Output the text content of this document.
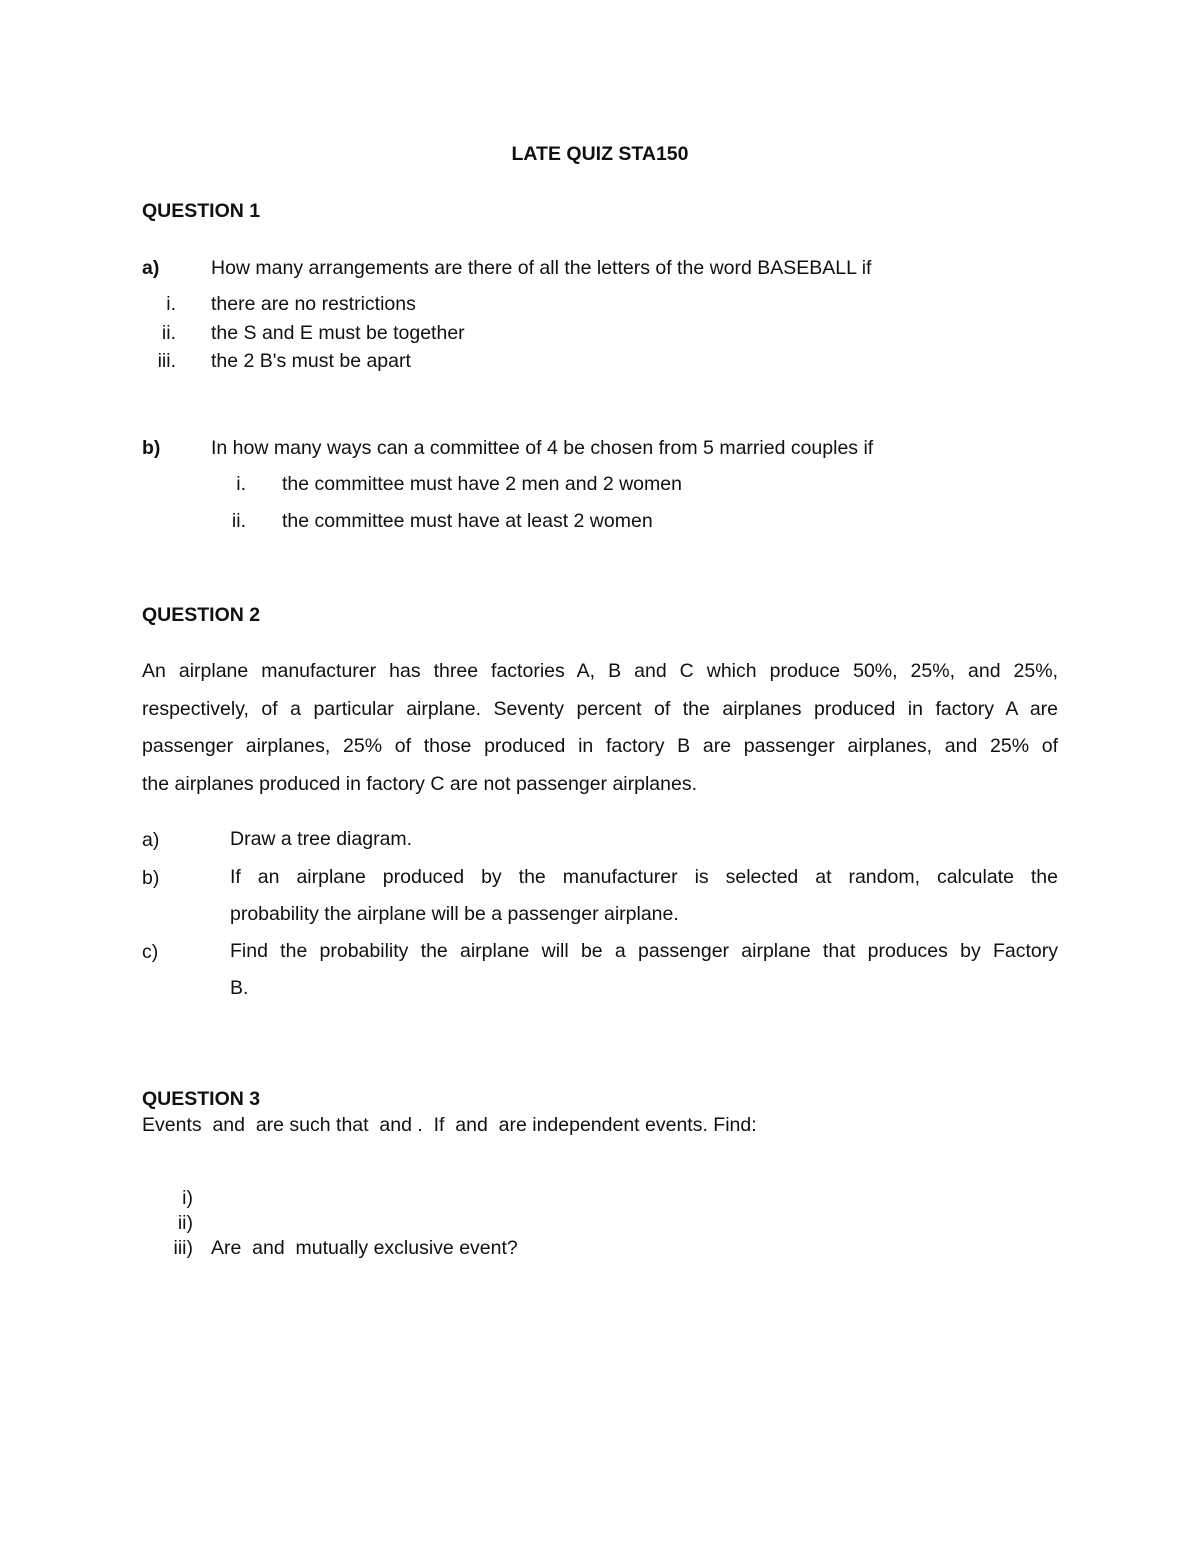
LATE QUIZ STA150
QUESTION 1
a)	How many arrangements are there of all the letters of the word BASEBALL if
i. there are no restrictions
ii. the S and E must be together
iii. the 2 B's must be apart
b)	In how many ways can a committee of 4 be chosen from 5 married couples if
i. the committee must have 2 men and 2 women
ii. the committee must have at least 2 women
QUESTION 2
An airplane manufacturer has three factories A, B and C which produce 50%, 25%, and 25%,
respectively, of a particular airplane. Seventy percent of the airplanes produced in factory A are
passenger airplanes, 25% of those produced in factory B are passenger airplanes, and 25% of
the airplanes produced in factory C are not passenger airplanes.
a)	Draw a tree diagram.
b)	If an airplane produced by the manufacturer is selected at random, calculate the
probability the airplane will be a passenger airplane.
c)	Find the probability the airplane will be a passenger airplane that produces by Factory
B.
QUESTION 3
Events  and  are such that  and .  If  and  are independent events. Find:
i)
ii)
iii) Are  and  mutually exclusive event?
